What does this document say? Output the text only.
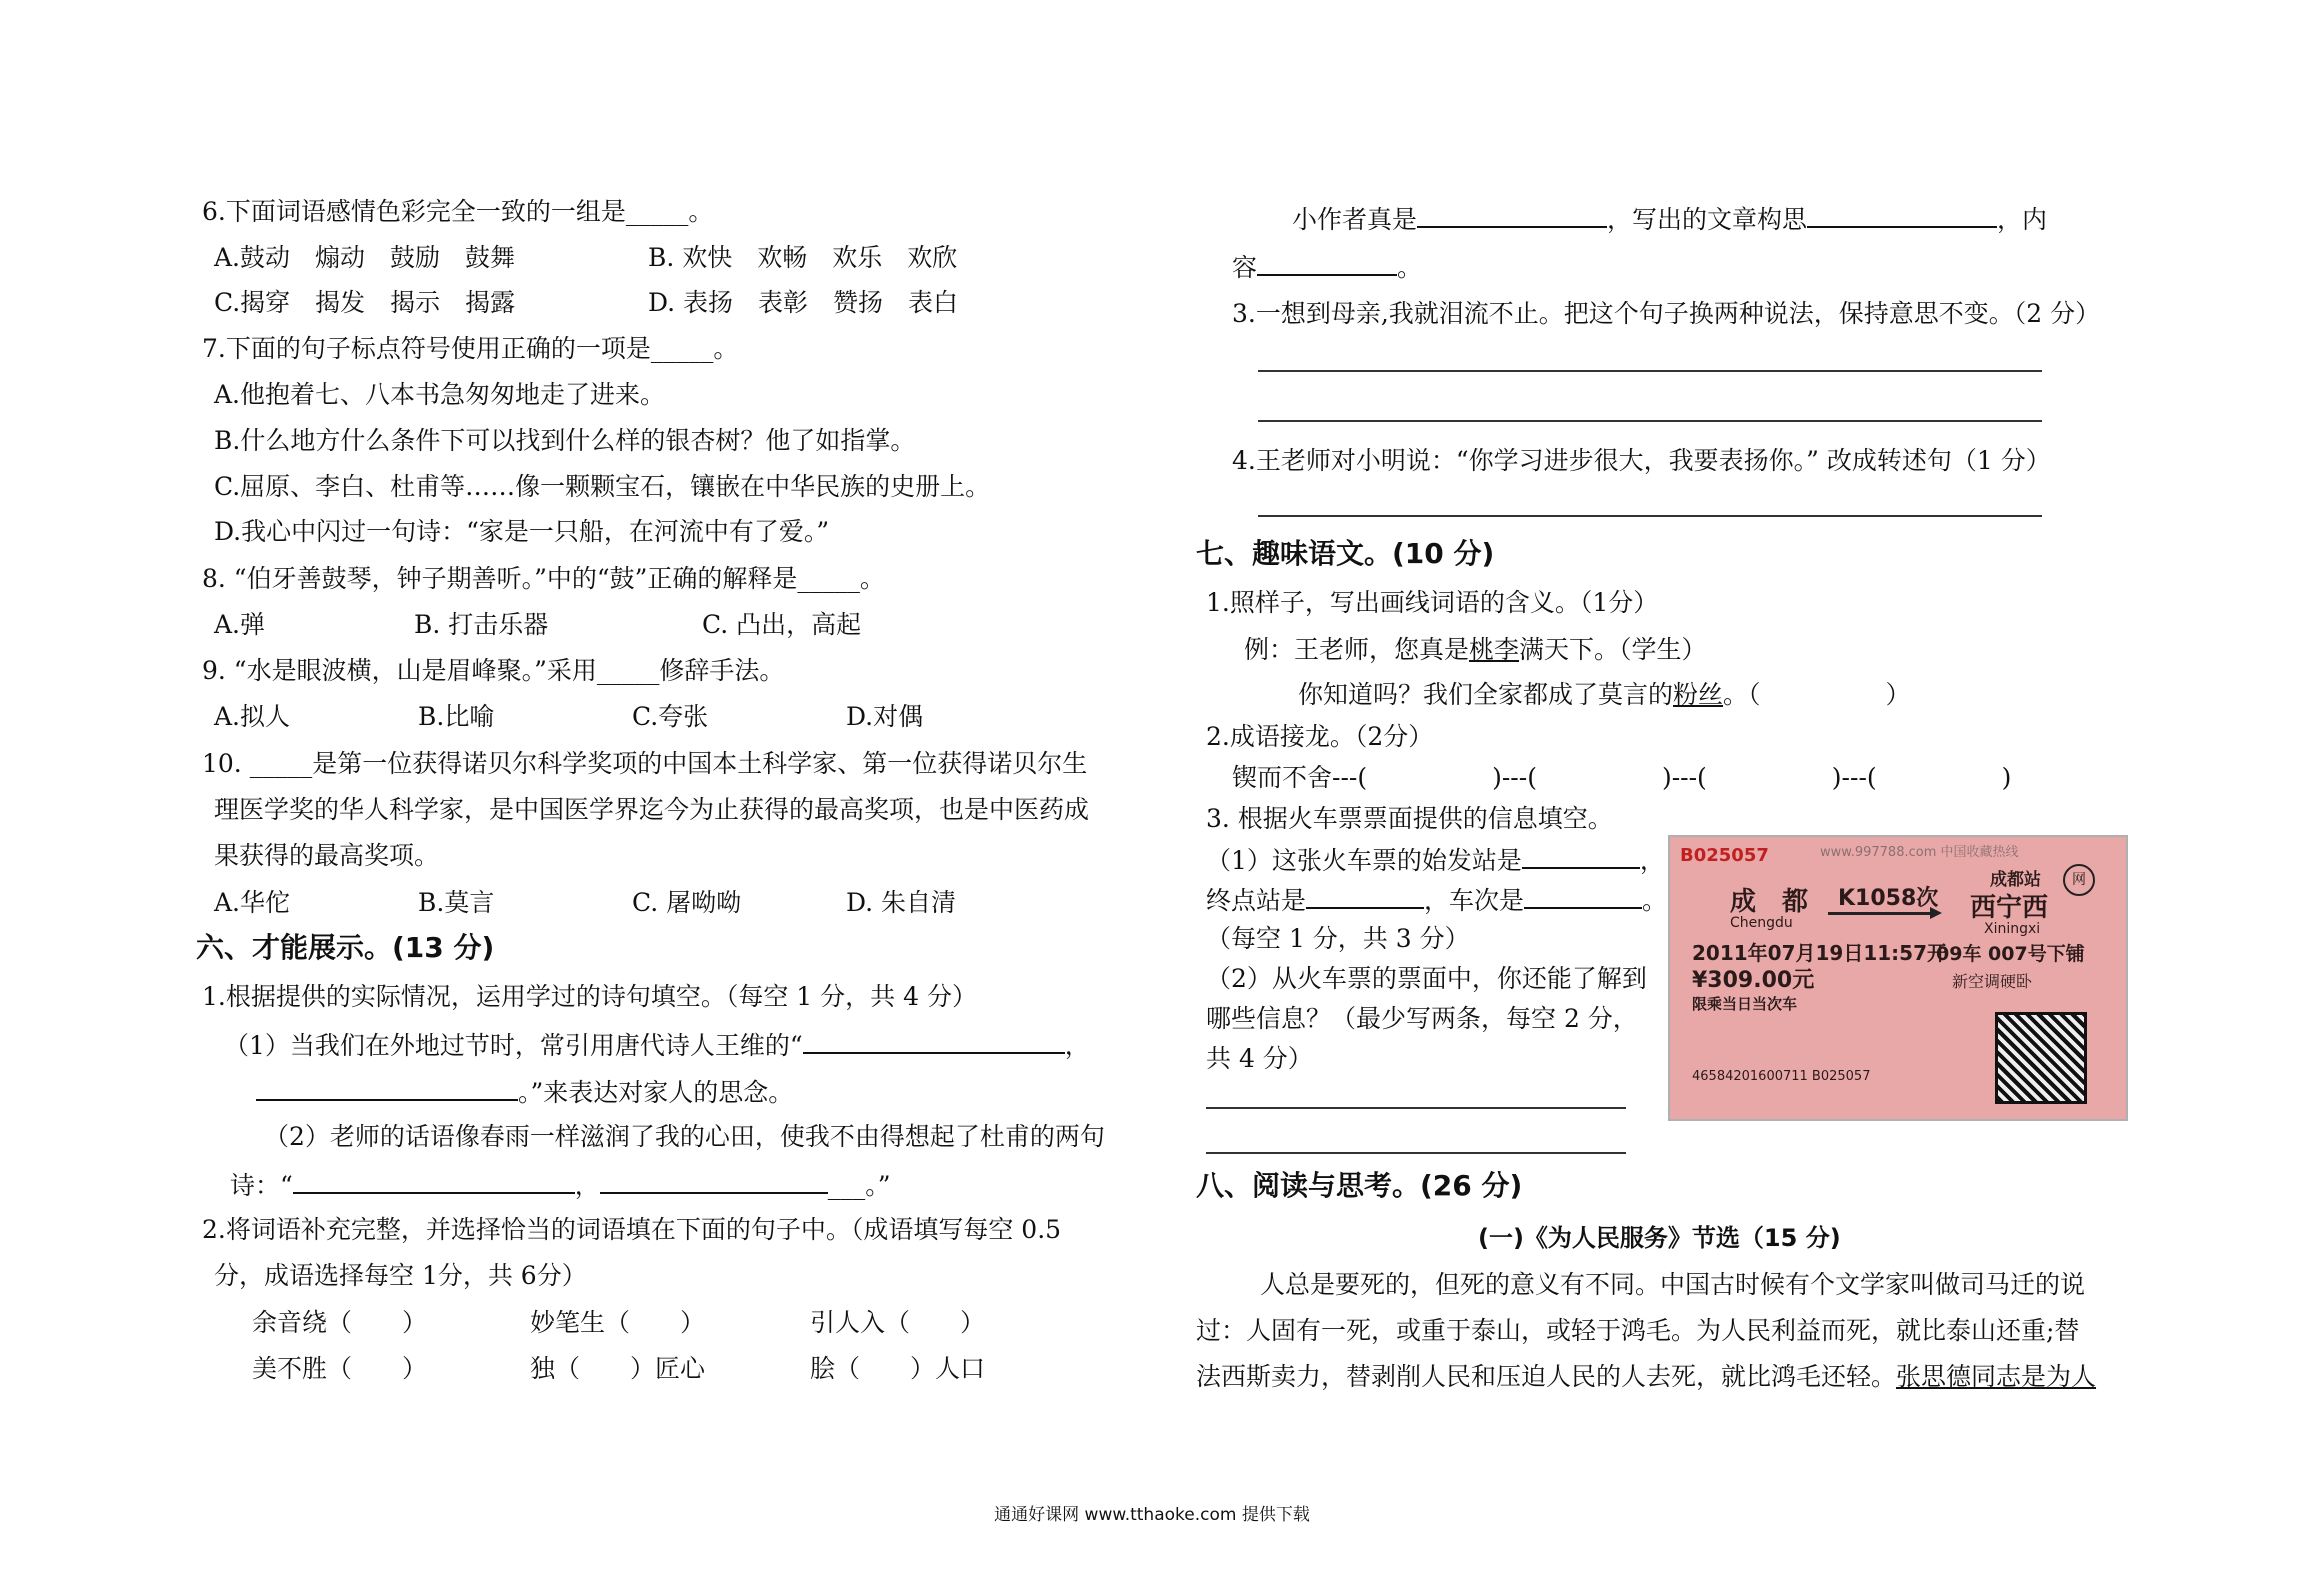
6.下面词语感情色彩完全一致的一组是_____。
A.鼓动　煽动　鼓励　鼓舞	B. 欢快　欢畅　欢乐　欢欣
C.揭穿　揭发　揭示　揭露	D. 表扬　表彰　赞扬　表白
7.下面的句子标点符号使用正确的一项是_____。
A.他抱着七、八本书急匆匆地走了进来。
B.什么地方什么条件下可以找到什么样的银杏树？他了如指掌。
C.屈原、李白、杜甫等……像一颗颗宝石，镶嵌在中华民族的史册上。
D.我心中闪过一句诗：“家是一只船，在河流中有了爱。”
8. “伯牙善鼓琴，钟子期善听。”中的“鼓”正确的解释是_____。
A.弹	B. 打击乐器	C. 凸出，高起
9. “水是眼波横，山是眉峰聚。”采用_____修辞手法。
A.拟人	B.比喻	C.夸张	D.对偶
10. _____是第一位获得诺贝尔科学奖项的中国本土科学家、第一位获得诺贝尔生
理医学奖的华人科学家，是中国医学界迄今为止获得的最高奖项，也是中医药成
果获得的最高奖项。
A.华佗	B.莫言	C. 屠呦呦	D. 朱自清
六、才能展示。(13 分)
1.根据提供的实际情况，运用学过的诗句填空。（每空 1 分，共 4 分）
（1）当我们在外地过节时，常引用唐代诗人王维的“	，
。”来表达对家人的思念。
（2）老师的话语像春雨一样滋润了我的心田，使我不由得想起了杜甫的两句
诗：“	，	___。”
2.将词语补充完整，并选择恰当的词语填在下面的句子中。（成语填写每空 0.5
分，成语选择每空 1分，共 6分）
余音绕（　　）	妙笔生（　　）	引人入（　　）
美不胜（　　）	独（　　）匠心	脍（　　）人口
小作者真是	，写出的文章构思	，内
容	。
3.一想到母亲,我就泪流不止。把这个句子换两种说法，保持意思不变。（2 分）
4.王老师对小明说：“你学习进步很大，我要表扬你。” 改成转述句（1 分）
七、趣味语文。(10 分)
1.照样子，写出画线词语的含义。（1分）
例：王老师，您真是桃李满天下。（学生）
你知道吗？我们全家都成了莫言的粉丝。（　　　　　）
2.成语接龙。（2分）
锲而不舍---(　　　　　)---(　　　　　)---(　　　　　)---(　　　　　)
3. 根据火车票票面提供的信息填空。
（1）这张火车票的始发站是	，
终点站是	，车次是	。
（每空 1 分，共 3 分）
（2）从火车票的票面中，你还能了解到
哪些信息？（最少写两条，每空 2 分，
共 4 分）
B025057	www.997788.com 中国收藏热线
成都站	网
成　都
Chengdu
K1058次 西宁西
Xiningxi
2011年07月19日11:57开
09车 007号下铺
¥309.00元	新空调硬卧
限乘当日当次车
46584201600711 B025057
八、阅读与思考。(26 分)
(一)《为人民服务》节选（15 分)
人总是要死的，但死的意义有不同。中国古时候有个文学家叫做司马迁的说
过：人固有一死，或重于泰山，或轻于鸿毛。为人民利益而死，就比泰山还重;替
法西斯卖力，替剥削人民和压迫人民的人去死，就比鸿毛还轻。张思德同志是为人
通通好课网 www.tthaoke.com 提供下载
